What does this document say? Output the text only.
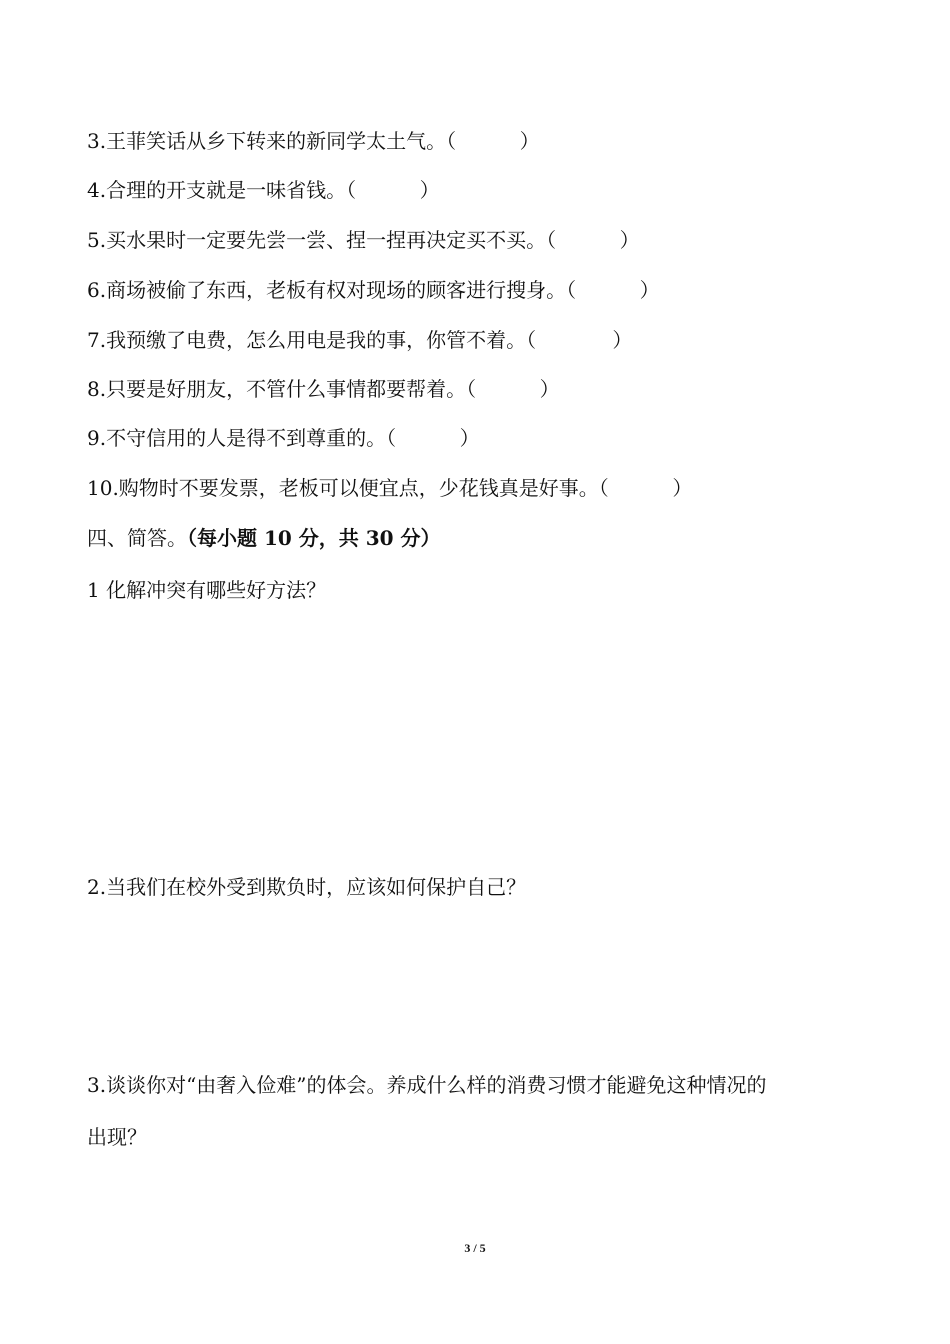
3.王菲笑话从乡下转来的新同学太土气。（          ）

4.合理的开支就是一味省钱。（          ）

5.买水果时一定要先尝一尝、捏一捏再决定买不买。（          ）

6.商场被偷了东西，老板有权对现场的顾客进行搜身。（          ）

7.我预缴了电费，怎么用电是我的事，你管不着。（            ）

8.只要是好朋友，不管什么事情都要帮着。（          ）

9.不守信用的人是得不到尊重的。（          ）

10.购物时不要发票，老板可以便宜点，少花钱真是好事。（          ）

四、简答。（每小题 10 分，共 30 分）

1 化解冲突有哪些好方法？

2.当我们在校外受到欺负时，应该如何保护自己？

3.谈谈你对“由奢入俭难”的体会。养成什么样的消费习惯才能避免这种情况的

出现？

3 / 5
